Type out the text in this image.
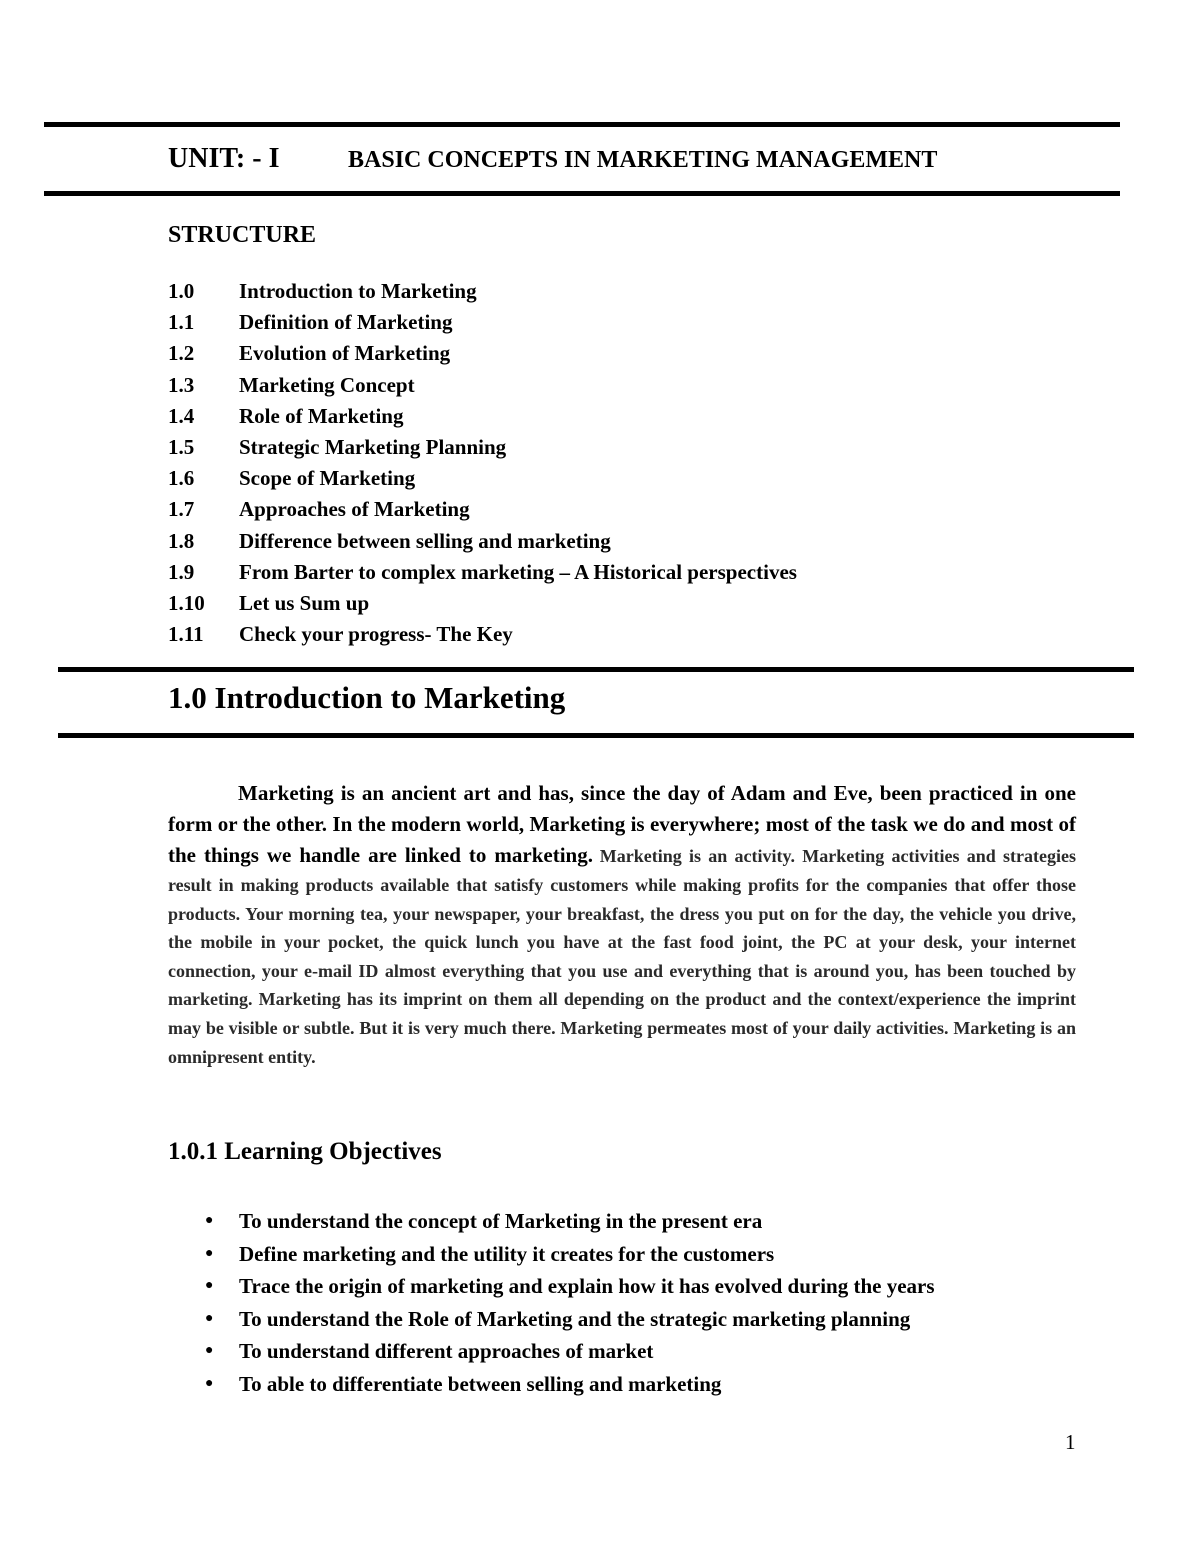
UNIT: - I	BASIC CONCEPTS IN MARKETING MANAGEMENT
STRUCTURE
1.0 Introduction to Marketing
1.1 Definition of Marketing
1.2 Evolution of Marketing
1.3 Marketing Concept
1.4 Role of Marketing
1.5 Strategic Marketing Planning
1.6 Scope of Marketing
1.7 Approaches of Marketing
1.8 Difference between selling and marketing
1.9 From Barter to complex marketing – A Historical perspectives
1.10 Let us Sum up
1.11 Check your progress- The Key
1.0 Introduction to Marketing

Marketing is an ancient art and has, since the day of Adam and Eve, been practiced in one form or the other. In the modern world, Marketing is everywhere; most of the task we do and most of the things we handle are linked to marketing. Marketing is an activity. Marketing activities and strategies result in making products available that satisfy customers while making profits for the companies that offer those products. Your morning tea, your newspaper, your breakfast, the dress you put on for the day, the vehicle you drive, the mobile in your pocket, the quick lunch you have at the fast food joint, the PC at your desk, your internet connection, your e-mail ID almost everything that you use and everything that is around you, has been touched by marketing. Marketing has its imprint on them all depending on the product and the context/experience the imprint may be visible or subtle. But it is very much there. Marketing permeates most of your daily activities. Marketing is an omnipresent entity.

1.0.1 Learning Objectives
● To understand the concept of Marketing in the present era
● Define marketing and the utility it creates for the customers
● Trace the origin of marketing and explain how it has evolved during the years
● To understand the Role of Marketing and the strategic marketing planning
● To understand different approaches of market
● To able to differentiate between selling and marketing
1
